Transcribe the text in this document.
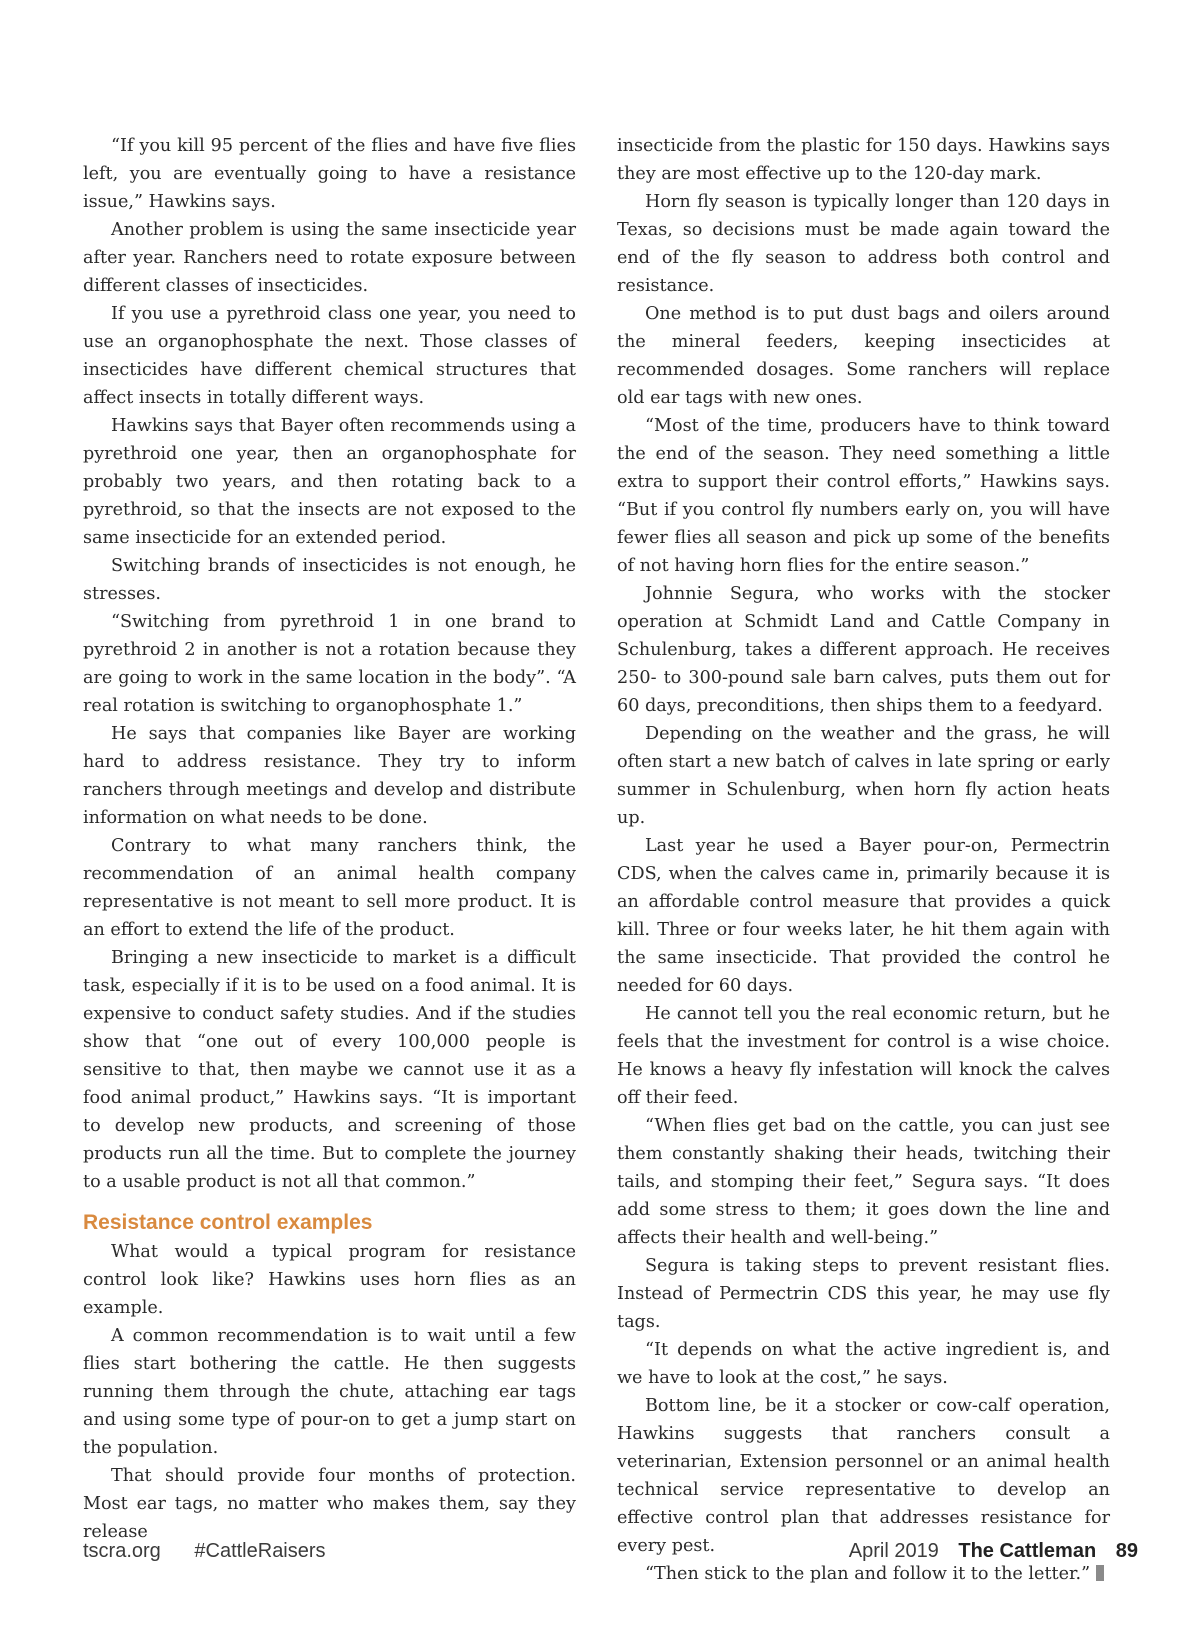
“If you kill 95 percent of the flies and have five flies left, you are eventually going to have a resistance issue,” Hawkins says.

Another problem is using the same insecticide year after year. Ranchers need to rotate exposure between different classes of insecticides.

If you use a pyrethroid class one year, you need to use an organophosphate the next. Those classes of insecticides have different chemical structures that affect insects in totally different ways.

Hawkins says that Bayer often recommends using a pyrethroid one year, then an organophosphate for probably two years, and then rotating back to a pyrethroid, so that the insects are not exposed to the same insecticide for an extended period.

Switching brands of insecticides is not enough, he stresses.

“Switching from pyrethroid 1 in one brand to pyrethroid 2 in another is not a rotation because they are going to work in the same location in the body”. “A real rotation is switching to organophosphate 1.”

He says that companies like Bayer are working hard to address resistance. They try to inform ranchers through meetings and develop and distribute information on what needs to be done.

Contrary to what many ranchers think, the recommendation of an animal health company representative is not meant to sell more product. It is an effort to extend the life of the product.

Bringing a new insecticide to market is a difficult task, especially if it is to be used on a food animal. It is expensive to conduct safety studies. And if the studies show that “one out of every 100,000 people is sensitive to that, then maybe we cannot use it as a food animal product,” Hawkins says. “It is important to develop new products, and screening of those products run all the time. But to complete the journey to a usable product is not all that common.”

Resistance control examples

What would a typical program for resistance control look like? Hawkins uses horn flies as an example.

A common recommendation is to wait until a few flies start bothering the cattle. He then suggests running them through the chute, attaching ear tags and using some type of pour-on to get a jump start on the population.

That should provide four months of protection. Most ear tags, no matter who makes them, say they release

insecticide from the plastic for 150 days. Hawkins says they are most effective up to the 120-day mark.

Horn fly season is typically longer than 120 days in Texas, so decisions must be made again toward the end of the fly season to address both control and resistance.

One method is to put dust bags and oilers around the mineral feeders, keeping insecticides at recommended dosages. Some ranchers will replace old ear tags with new ones.

“Most of the time, producers have to think toward the end of the season. They need something a little extra to support their control efforts,” Hawkins says. “But if you control fly numbers early on, you will have fewer flies all season and pick up some of the benefits of not having horn flies for the entire season.”

Johnnie Segura, who works with the stocker operation at Schmidt Land and Cattle Company in Schulenburg, takes a different approach. He receives 250- to 300-pound sale barn calves, puts them out for 60 days, preconditions, then ships them to a feedyard.

Depending on the weather and the grass, he will often start a new batch of calves in late spring or early summer in Schulenburg, when horn fly action heats up.

Last year he used a Bayer pour-on, Permectrin CDS, when the calves came in, primarily because it is an affordable control measure that provides a quick kill. Three or four weeks later, he hit them again with the same insecticide. That provided the control he needed for 60 days.

He cannot tell you the real economic return, but he feels that the investment for control is a wise choice. He knows a heavy fly infestation will knock the calves off their feed.

“When flies get bad on the cattle, you can just see them constantly shaking their heads, twitching their tails, and stomping their feet,” Segura says. “It does add some stress to them; it goes down the line and affects their health and well-being.”

Segura is taking steps to prevent resistant flies. Instead of Permectrin CDS this year, he may use fly tags.

“It depends on what the active ingredient is, and we have to look at the cost,” he says.

Bottom line, be it a stocker or cow-calf operation, Hawkins suggests that ranchers consult a veterinarian, Extension personnel or an animal health technical service representative to develop an effective control plan that addresses resistance for every pest.

“Then stick to the plan and follow it to the letter.”

tscra.org #CattleRaisers	April 2019 The Cattleman 89
